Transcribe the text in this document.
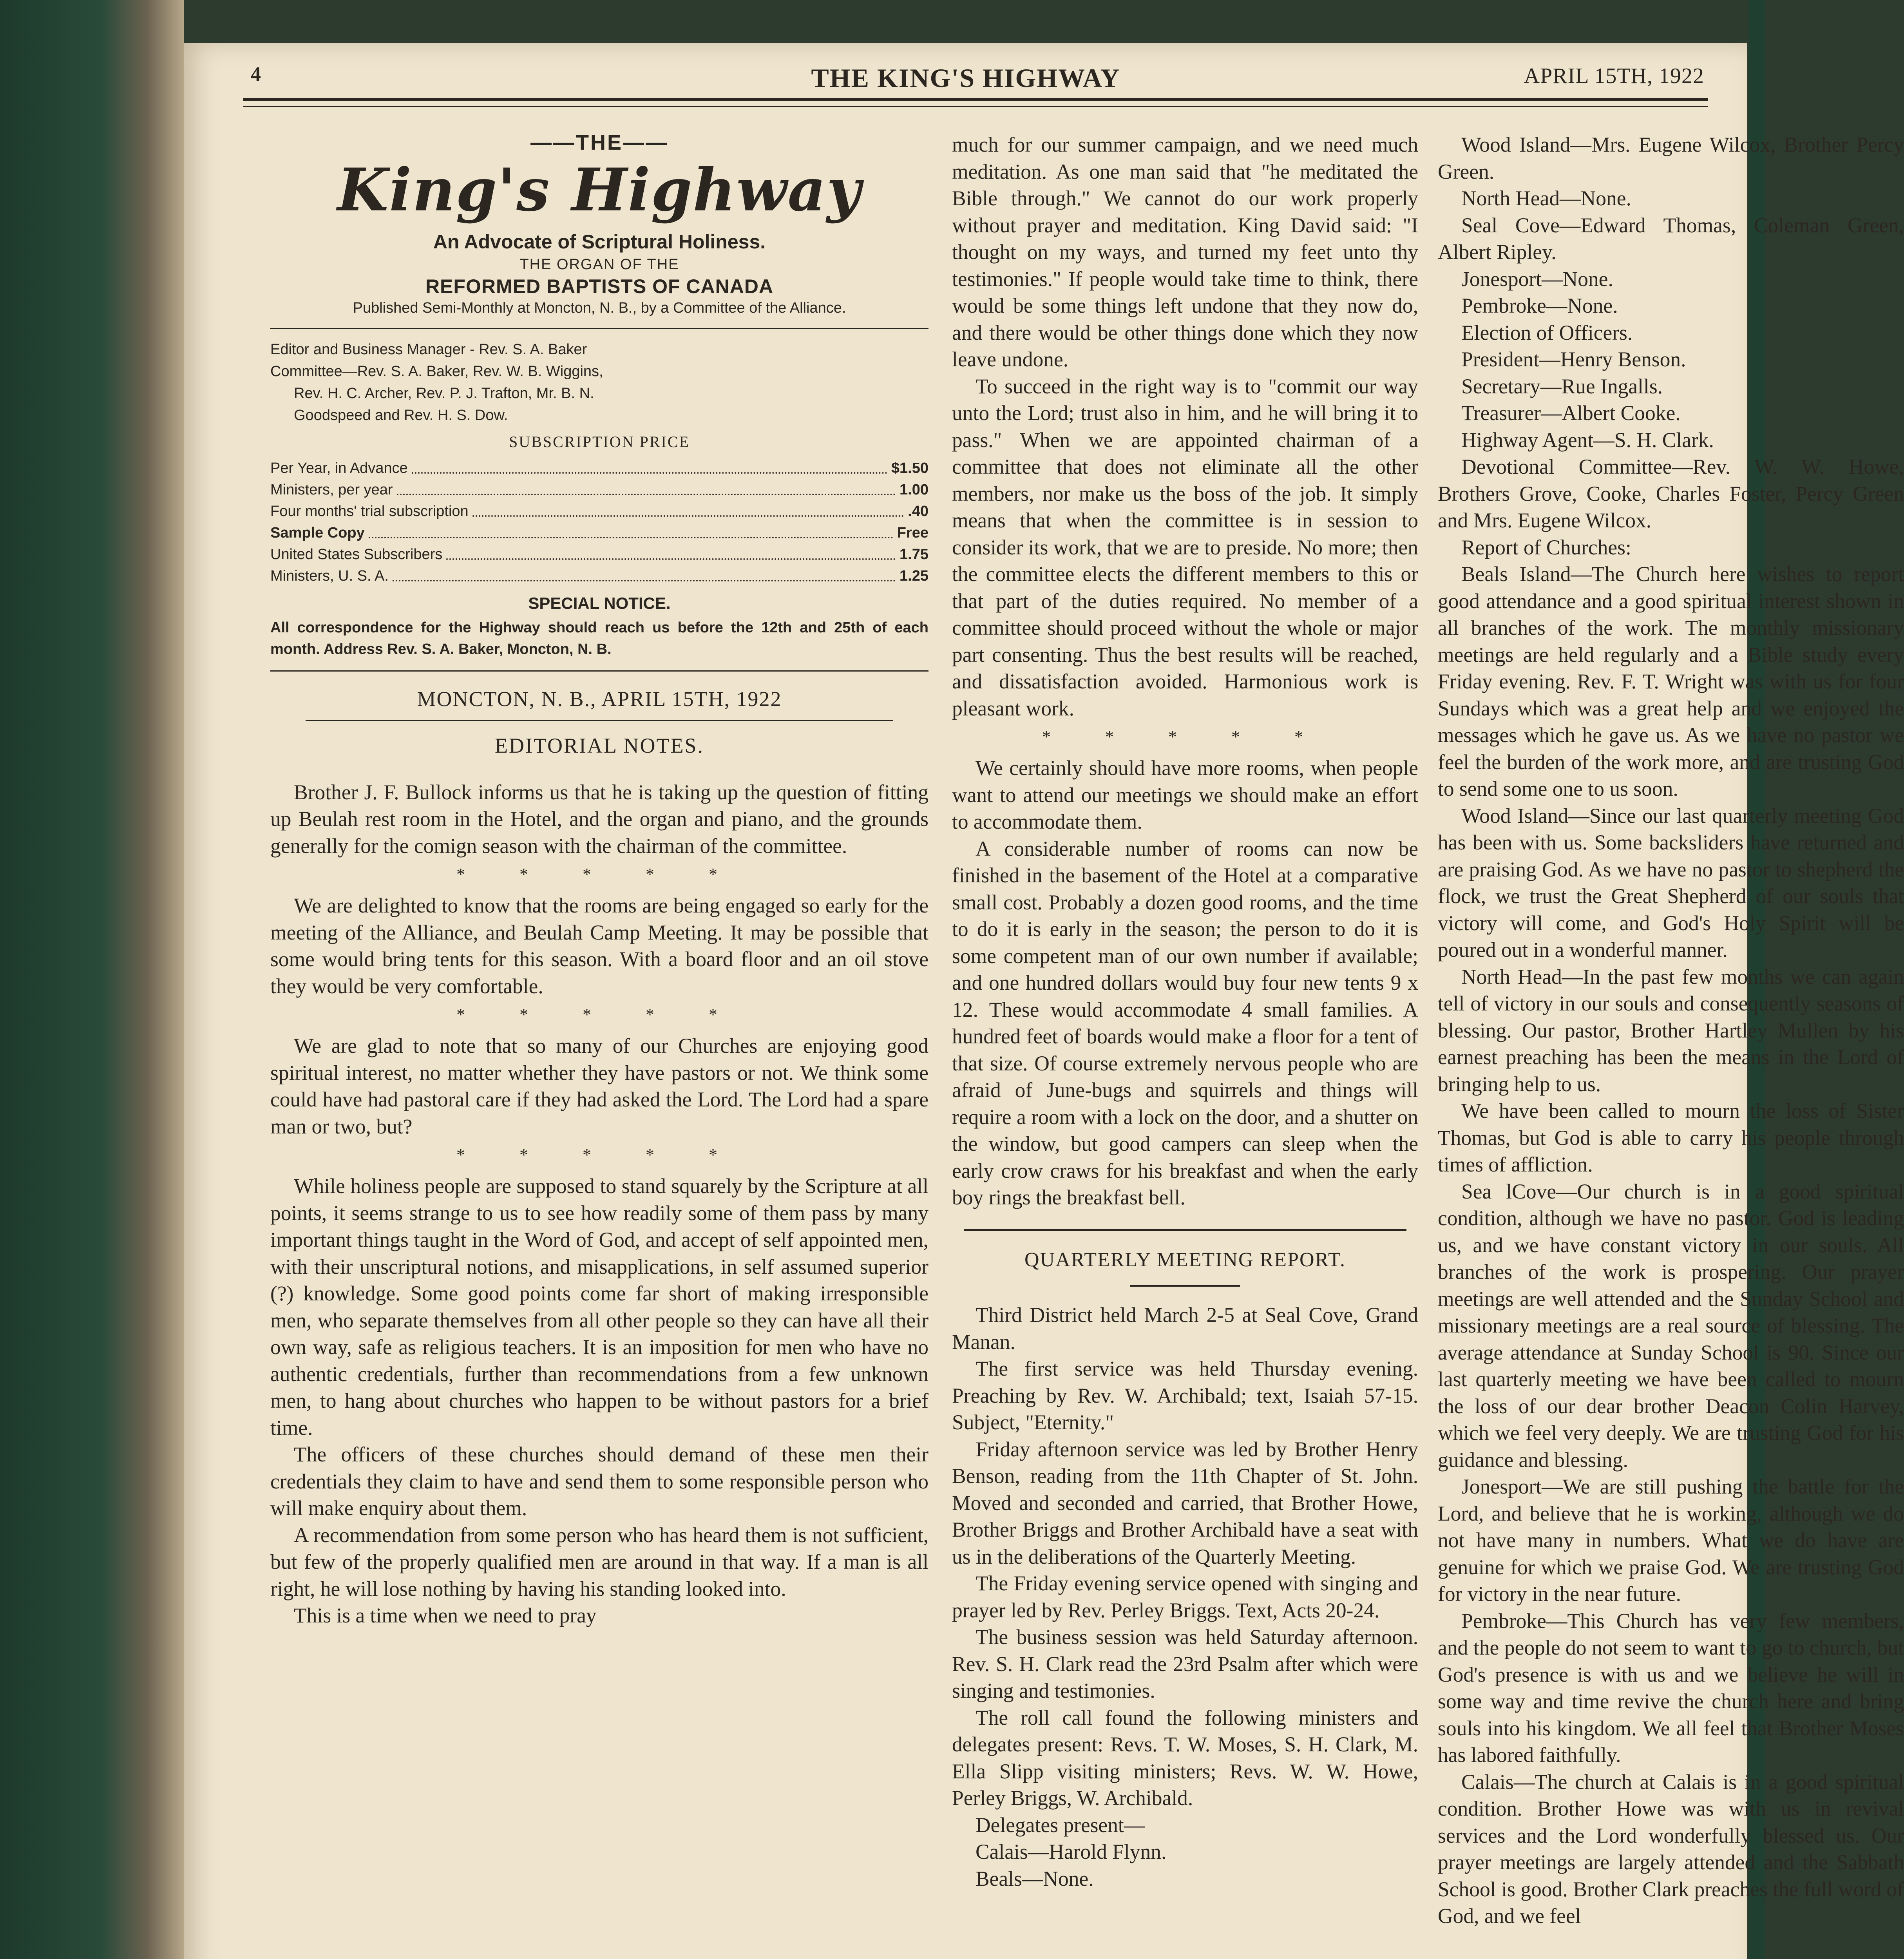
4	THE KING'S HIGHWAY	APRIL 15TH, 1922
——THE——
King's Highway
An Advocate of Scriptural Holiness.
THE ORGAN OF THE
REFORMED BAPTISTS OF CANADA
Published Semi-Monthly at Moncton, N. B., by a Committee of the Alliance.
Editor and Business Manager - Rev. S. A. Baker
Committee—Rev. S. A. Baker, Rev. W. B. Wiggins,
Rev. H. C. Archer, Rev. P. J. Trafton, Mr. B. N.
Goodspeed and Rev. H. S. Dow.
SUBSCRIPTION PRICE
Per Year, in Advance	$1.50
Ministers, per year	1.00
Four months' trial subscription	.40
Sample Copy	Free
United States Subscribers	1.75
Ministers, U. S. A.	1.25
SPECIAL NOTICE.
All correspondence for the Highway should reach us before the 12th and 25th of each month. Address Rev. S. A. Baker, Moncton, N. B.
MONCTON, N. B., APRIL 15TH, 1922
EDITORIAL NOTES.

Brother J. F. Bullock informs us that he is taking up the question of fitting up Beulah rest room in the Hotel, and the organ and piano, and the grounds generally for the comign season with the chairman of the committee.

* * * * *

We are delighted to know that the rooms are being engaged so early for the meeting of the Alliance, and Beulah Camp Meeting. It may be possible that some would bring tents for this season. With a board floor and an oil stove they would be very comfortable.

* * * * *

We are glad to note that so many of our Churches are enjoying good spiritual interest, no matter whether they have pastors or not. We think some could have had pastoral care if they had asked the Lord. The Lord had a spare man or two, but?

* * * * *

While holiness people are supposed to stand squarely by the Scripture at all points, it seems strange to us to see how readily some of them pass by many important things taught in the Word of God, and accept of self appointed men, with their unscriptural notions, and misapplications, in self assumed superior (?) knowledge. Some good points come far short of making irresponsible men, who separate themselves from all other people so they can have all their own way, safe as religious teachers. It is an imposition for men who have no authentic credentials, further than recommendations from a few unknown men, to hang about churches who happen to be without pastors for a brief time.

The officers of these churches should demand of these men their credentials they claim to have and send them to some responsible person who will make enquiry about them.

A recommendation from some person who has heard them is not sufficient, but few of the properly qualified men are around in that way. If a man is all right, he will lose nothing by having his standing looked into.

This is a time when we need to pray

much for our summer campaign, and we need much meditation. As one man said that "he meditated the Bible through." We cannot do our work properly without prayer and meditation. King David said: "I thought on my ways, and turned my feet unto thy testimonies." If people would take time to think, there would be some things left undone that they now do, and there would be other things done which they now leave undone.

To succeed in the right way is to "commit our way unto the Lord; trust also in him, and he will bring it to pass." When we are appointed chairman of a committee that does not eliminate all the other members, nor make us the boss of the job. It simply means that when the committee is in session to consider its work, that we are to preside. No more; then the committee elects the different members to this or that part of the duties required. No member of a committee should proceed without the whole or major part consenting. Thus the best results will be reached, and dissatisfaction avoided. Harmonious work is pleasant work.

* * * * *

We certainly should have more rooms, when people want to attend our meetings we should make an effort to accommodate them.

A considerable number of rooms can now be finished in the basement of the Hotel at a comparative small cost. Probably a dozen good rooms, and the time to do it is early in the season; the person to do it is some competent man of our own number if available; and one hundred dollars would buy four new tents 9 x 12. These would accommodate 4 small families. A hundred feet of boards would make a floor for a tent of that size. Of course extremely nervous people who are afraid of June-bugs and squirrels and things will require a room with a lock on the door, and a shutter on the window, but good campers can sleep when the early crow craws for his breakfast and when the early boy rings the breakfast bell.

QUARTERLY MEETING REPORT.

Third District held March 2-5 at Seal Cove, Grand Manan.

The first service was held Thursday evening. Preaching by Rev. W. Archibald; text, Isaiah 57-15. Subject, "Eternity."

Friday afternoon service was led by Brother Henry Benson, reading from the 11th Chapter of St. John. Moved and seconded and carried, that Brother Howe, Brother Briggs and Brother Archibald have a seat with us in the deliberations of the Quarterly Meeting.

The Friday evening service opened with singing and prayer led by Rev. Perley Briggs. Text, Acts 20-24.

The business session was held Saturday afternoon. Rev. S. H. Clark read the 23rd Psalm after which were singing and testimonies.

The roll call found the following ministers and delegates present: Revs. T. W. Moses, S. H. Clark, M. Ella Slipp visiting ministers; Revs. W. W. Howe, Perley Briggs, W. Archibald.

Delegates present—

Calais—Harold Flynn.

Beals—None.

Wood Island—Mrs. Eugene Wilcox, Brother Percy Green.

North Head—None.

Seal Cove—Edward Thomas, Coleman Green, Albert Ripley.

Jonesport—None.

Pembroke—None.

Election of Officers.

President—Henry Benson.

Secretary—Rue Ingalls.

Treasurer—Albert Cooke.

Highway Agent—S. H. Clark.

Devotional Committee—Rev. W. W. Howe, Brothers Grove, Cooke, Charles Foster, Percy Green and Mrs. Eugene Wilcox.

Report of Churches:

Beals Island—The Church here wishes to report good attendance and a good spiritual interest shown in all branches of the work. The monthly missionary meetings are held regularly and a Bible study every Friday evening. Rev. F. T. Wright was with us for four Sundays which was a great help and we enjoyed the messages which he gave us. As we have no pastor we feel the burden of the work more, and are trusting God to send some one to us soon.

Wood Island—Since our last quarterly meeting God has been with us. Some backsliders have returned and are praising God. As we have no pastor to shepherd the flock, we trust the Great Shepherd of our souls that victory will come, and God's Holy Spirit will be poured out in a wonderful manner.

North Head—In the past few months we can again tell of victory in our souls and consequently seasons of blessing. Our pastor, Brother Hartley Mullen by his earnest preaching has been the means in the Lord of bringing help to us.

We have been called to mourn the loss of Sister Thomas, but God is able to carry his people through times of affliction.

Sea lCove—Our church is in a good spiritual condition, although we have no pastor. God is leading us, and we have constant victory in our souls. All branches of the work is prospering. Our prayer meetings are well attended and the Sunday School and missionary meetings are a real source of blessing. The average attendance at Sunday School is 90. Since our last quarterly meeting we have been called to mourn the loss of our dear brother Deacon Colin Harvey, which we feel very deeply. We are trusting God for his guidance and blessing.

Jonesport—We are still pushing the battle for the Lord, and believe that he is working, although we do not have many in numbers. What we do have are genuine for which we praise God. We are trusting God for victory in the near future.

Pembroke—This Church has very few members, and the people do not seem to want to go to church, but God's presence is with us and we believe he will in some way and time revive the church here and bring souls into his kingdom. We all feel that Brother Moses has labored faithfully.

Calais—The church at Calais is in a good spiritual condition. Brother Howe was with us in revival services and the Lord wonderfully blessed us. Our prayer meetings are largely attended and the Sabbath School is good. Brother Clark preaches the full word of God, and we feel
